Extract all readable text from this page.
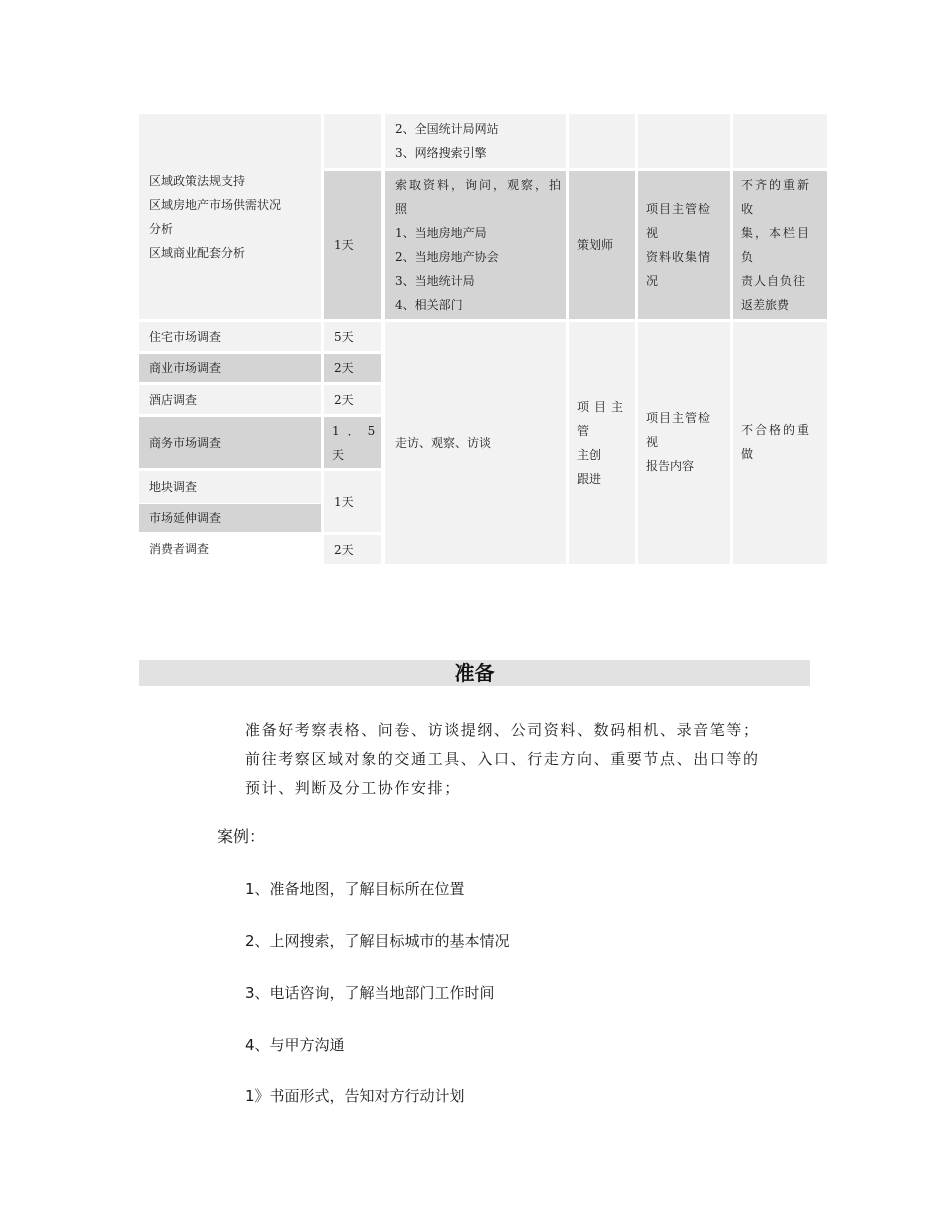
区域政策法规支持
区域房地产市场供需状况
分析
区域商业配套分析
2、全国统计局网站
3、网络搜索引擎
1天
索取资料，询问，观察，拍
照
1、当地房地产局
2、当地房地产协会
3、当地统计局
4、相关部门
策划师
项目主管检
视
资料收集情
况
不齐的重新
收
集，本栏目
负
责人自负往
返差旅费
住宅市场调查
商业市场调查
酒店调查
商务市场调查
地块调查
市场延伸调查
消费者调查
5天
2天
2天
1．5
天
1天
2天
走访、观察、访谈
项目主
管
主创
跟进
项目主管检
视
报告内容
不合格的重
做
准备
准备好考察表格、问卷、访谈提纲、公司资料、数码相机、录音笔等；
前往考察区域对象的交通工具、入口、行走方向、重要节点、出口等的
预计、判断及分工协作安排；
案例：
1、准备地图，了解目标所在位置
2、上网搜索，了解目标城市的基本情况
3、电话咨询，了解当地部门工作时间
4、与甲方沟通
1》书面形式，告知对方行动计划
